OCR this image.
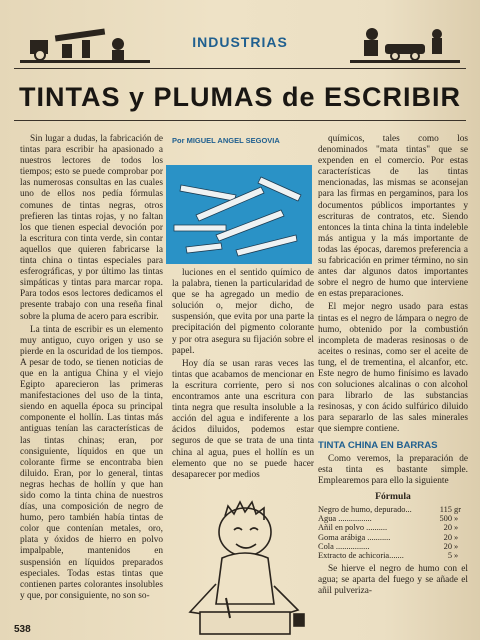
INDUSTRIAS
TINTAS y PLUMAS de ESCRIBIR

Sin lugar a dudas, la fabricación de tintas para escribir ha apasionado a nuestros lectores de todos los tiempos; esto se puede comprobar por las numerosas consultas en las cuales uno de ellos nos pedía fórmulas comunes de tintas negras, otros prefieren las tintas rojas, y no faltan los que tienen especial devoción por la escritura con tinta verde, sin contar aquellos que quieren fabricarse la tinta china o tintas especiales para esferográficas, y por último las tintas simpáticas y tintas para marcar ropa. Para todos esos lectores dedicamos el presente trabajo con una reseña final sobre la pluma de acero para escribir.

La tinta de escribir es un elemento muy antiguo, cuyo origen y uso se pierde en la oscuridad de los tiempos. A pesar de todo, se tienen noticias de que en la antigua China y el viejo Egipto aparecieron las primeras manifestaciones del uso de la tinta, siendo en aquella época su principal componente el hollín. Las tintas más antiguas tenían las características de las tintas chinas; eran, por consiguiente, líquidos en que un colorante firme se encontraba bien diluido. Eran, por lo general, tintas negras hechas de hollín y que han sido como la tinta china de nuestros días, una composición de negro de humo, pero también había tintas de color que contenían metales, oro, plata y óxidos de hierro en polvo impalpable, mantenidos en suspensión en líquidos preparados especiales. Todas estas tintas que contienen partes colorantes insolubles y que, por consiguiente, no son so-

Por MIGUEL ANGEL SEGOVIA

luciones en el sentido químico de la palabra, tienen la particularidad de que se ha agregado un medio de solución o, mejor dicho, de suspensión, que evita por una parte la precipitación del pigmento colorante y por otra asegura su fijación sobre el papel.

Hoy día se usan raras veces las tintas que acabamos de mencionar en la escritura corriente, pero si nos encontramos ante una escritura con tinta negra que resulta insoluble a la acción del agua e indiferente a los ácidos diluidos, podemos estar seguros de que se trata de una tinta china al agua, pues el hollín es un elemento que no se puede hacer desaparecer por medios

químicos, tales como los denominados "mata tintas" que se expenden en el comercio. Por estas características de las tintas mencionadas, las mismas se aconsejan para las firmas en pergaminos, para los documentos públicos importantes y escrituras de contratos, etc. Siendo entonces la tinta china la tinta indeleble más antigua y la más importante de todas las épocas, daremos preferencia a su fabricación en primer término, no sin antes dar algunos datos importantes sobre el negro de humo que interviene en estas preparaciones.

El mejor negro usado para estas tintas es el negro de lámpara o negro de humo, obtenido por la combustión incompleta de maderas resinosas o de aceites o resinas, como ser el aceite de tung, el de trementina, el alcanfor, etc. Este negro de humo finísimo es lavado con soluciones alcalinas o con alcohol para librarlo de las substancias resinosas, y con ácido sulfúrico diluido para separarlo de las sales minerales que siempre contiene.

TINTA CHINA EN BARRAS

Como veremos, la preparación de esta tinta es bastante simple. Emplearemos para ello la siguiente

Fórmula
Negro de humo, depurado...	115	gr
Agua ................	500	»
Añil en polvo ..........	20	»
Goma arábiga ...........	20	»
Cola ................	20	»
Extracto de achicoria.......	5	»

Se hierve el negro de humo con el agua; se aparta del fuego y se añade el añil pulveriza-

538
